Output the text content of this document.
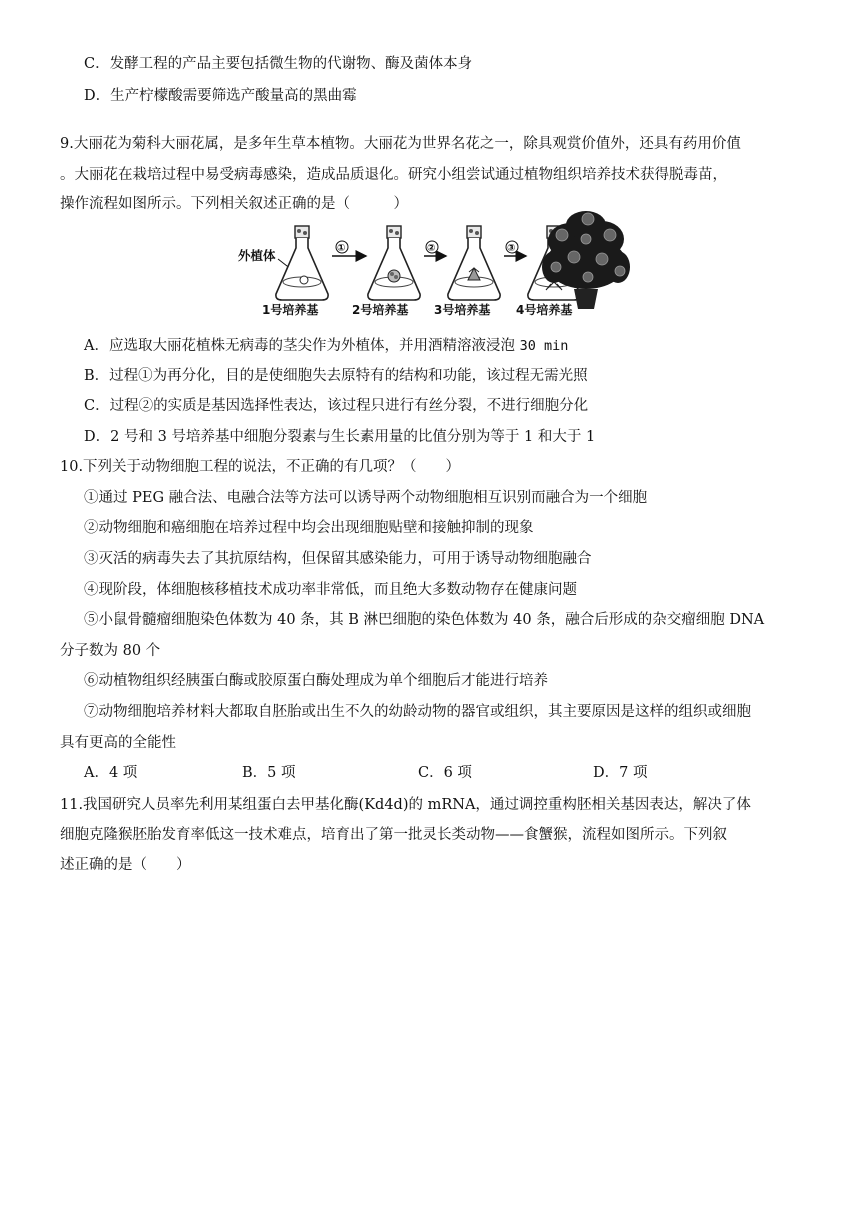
C．发酵工程的产品主要包括微生物的代谢物、酶及菌体本身
D．生产柠檬酸需要筛选产酸量高的黑曲霉
9.大丽花为菊科大丽花属，是多年生草本植物。大丽花为世界名花之一，除具观赏价值外，还具有药用价值
。大丽花在栽培过程中易受病毒感染，造成品质退化。研究小组尝试通过植物组织培养技术获得脱毒苗，
操作流程如图所示。下列相关叙述正确的是（　　　）
外植体	①	②	③
1号培养基	2号培养基 3号培养基 4号培养基
A．应选取大丽花植株无病毒的茎尖作为外植体，并用酒精溶液浸泡 30 min
B．过程①为再分化，目的是使细胞失去原特有的结构和功能，该过程无需光照
C．过程②的实质是基因选择性表达，该过程只进行有丝分裂，不进行细胞分化
D．2 号和 3 号培养基中细胞分裂素与生长素用量的比值分别为等于 1 和大于 1
10.下列关于动物细胞工程的说法，不正确的有几项？（　　）
①通过 PEG 融合法、电融合法等方法可以诱导两个动物细胞相互识别而融合为一个细胞
②动物细胞和癌细胞在培养过程中均会出现细胞贴壁和接触抑制的现象
③灭活的病毒失去了其抗原结构，但保留其感染能力，可用于诱导动物细胞融合
④现阶段，体细胞核移植技术成功率非常低，而且绝大多数动物存在健康问题
⑤小鼠骨髓瘤细胞染色体数为 40 条，其 B 淋巴细胞的染色体数为 40 条，融合后形成的杂交瘤细胞 DNA
分子数为 80 个
⑥动植物组织经胰蛋白酶或胶原蛋白酶处理成为单个细胞后才能进行培养
⑦动物细胞培养材料大都取自胚胎或出生不久的幼龄动物的器官或组织，其主要原因是这样的组织或细胞
具有更高的全能性
A．4 项	B．5 项	C．6 项	D．7 项
11.我国研究人员率先利用某组蛋白去甲基化酶(Kd4d)的 mRNA，通过调控重构胚相关基因表达，解决了体
细胞克隆猴胚胎发育率低这一技术难点，培育出了第一批灵长类动物——食蟹猴，流程如图所示。下列叙
述正确的是（　　）
